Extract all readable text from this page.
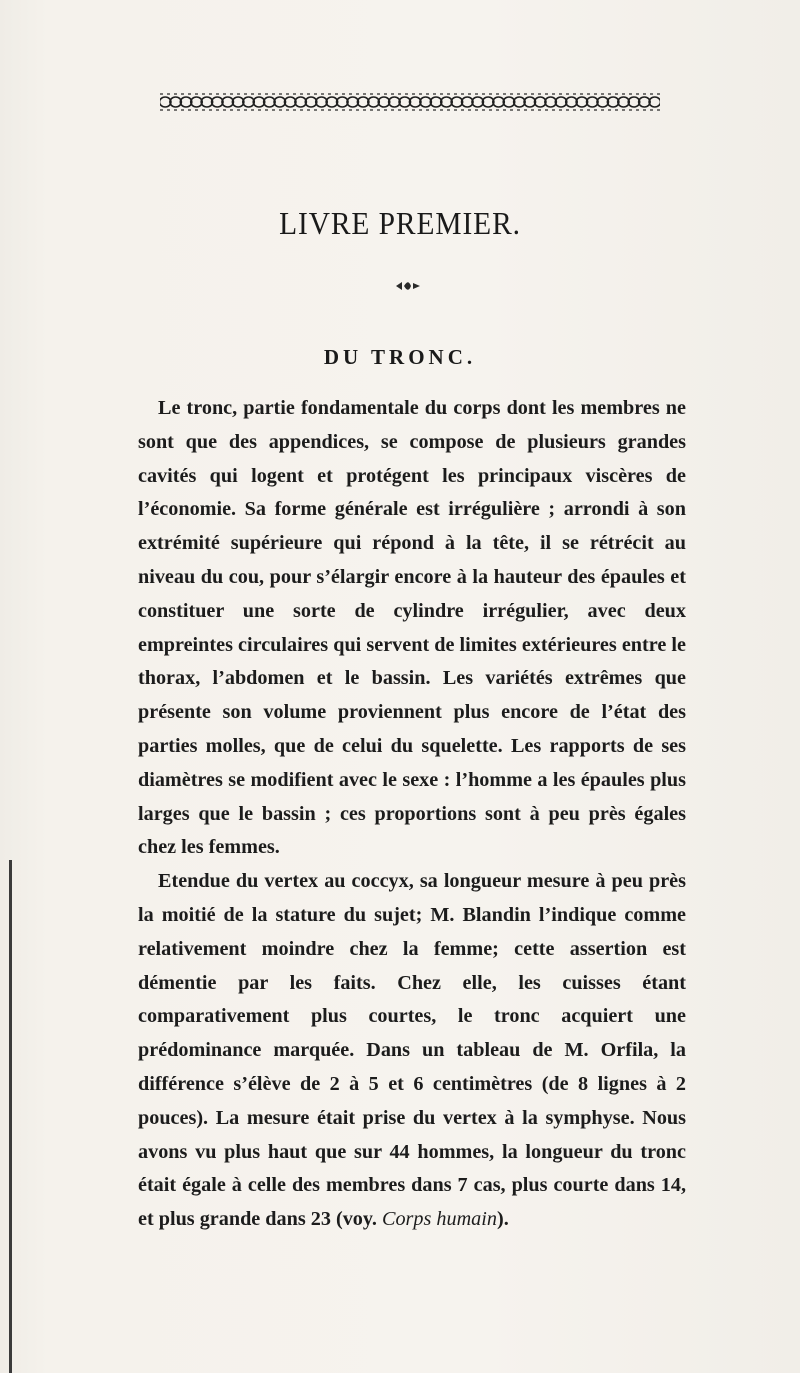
LIVRE PREMIER.
DU TRONC.

Le tronc, partie fondamentale du corps dont les membres ne sont que des appendices, se compose de plusieurs grandes cavités qui logent et protégent les principaux viscères de l’économie. Sa forme générale est irrégulière ; arrondi à son extrémité supérieure qui répond à la tête, il se rétrécit au niveau du cou, pour s’élargir encore à la hauteur des épaules et constituer une sorte de cylindre irrégulier, avec deux empreintes circulaires qui servent de limites extérieures entre le thorax, l’abdomen et le bassin. Les variétés extrêmes que présente son volume proviennent plus encore de l’état des parties molles, que de celui du squelette. Les rapports de ses diamètres se modifient avec le sexe : l’homme a les épaules plus larges que le bassin ; ces proportions sont à peu près égales chez les femmes.

Etendue du vertex au coccyx, sa longueur mesure à peu près la moitié de la stature du sujet; M. Blandin l’indique comme relativement moindre chez la femme; cette assertion est démentie par les faits. Chez elle, les cuisses étant comparativement plus courtes, le tronc acquiert une prédominance marquée. Dans un tableau de M. Orfila, la différence s’élève de 2 à 5 et 6 centimètres (de 8 lignes à 2 pouces). La mesure était prise du vertex à la symphyse. Nous avons vu plus haut que sur 44 hommes, la longueur du tronc était égale à celle des membres dans 7 cas, plus courte dans 14, et plus grande dans 23 (voy. Corps humain).
